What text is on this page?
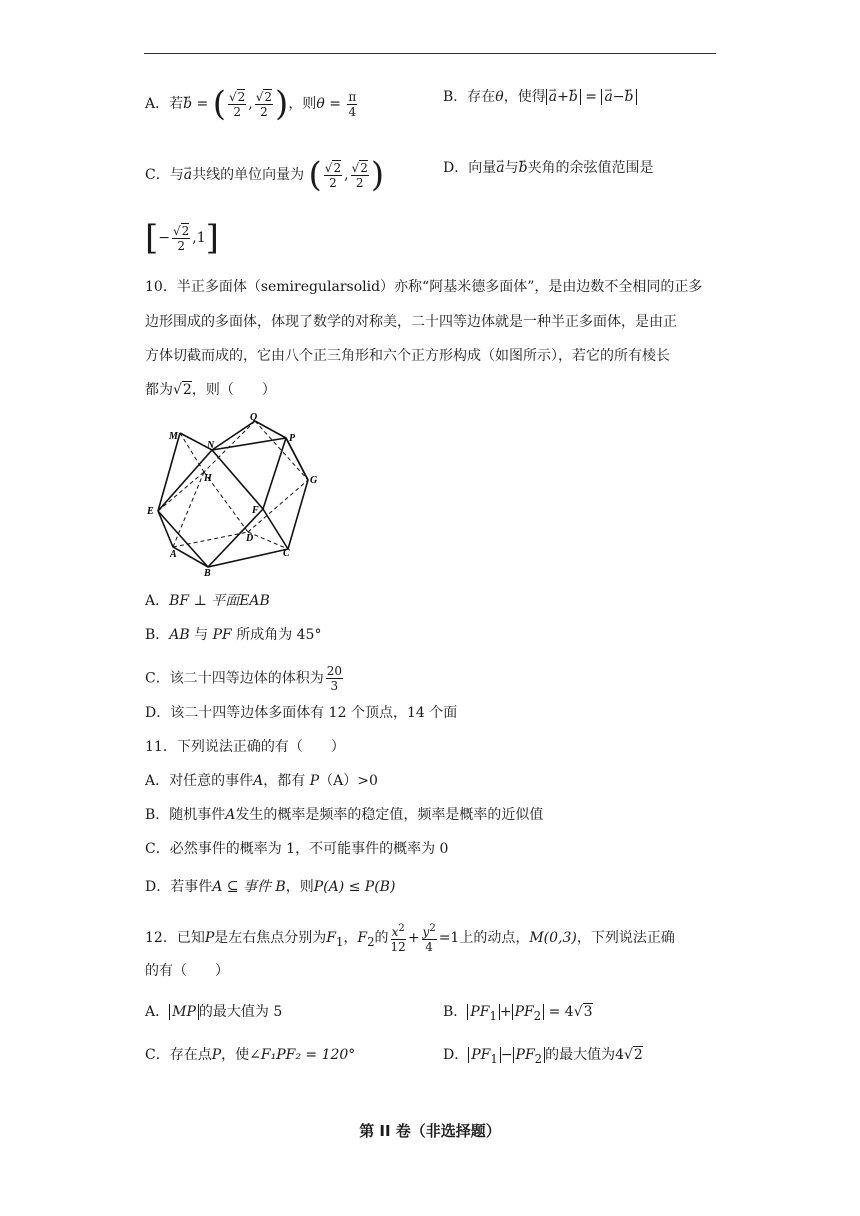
A．若→ b = ( $\frac{√2}{2}$ , $\frac{√2}{2}$ )，则$\theta = \frac{\pi}{4}$	B．存在θ，使得→ a+→ b = → a−→ b
C．与→ a共线的单位向量为 ( $\frac{√2}{2}$ , $\frac{√2}{2}$ )	D．向量→ a与→ b夹角的余弦值范围是
[− $\frac{√2}{2} ,1$]
10．半正多面体（semiregularsolid）亦称“阿基米德多面体”，是由边数不全相同的正多
边形围成的多面体，体现了数学的对称美，二十四等边体就是一种半正多面体，是由正
方体切截而成的，它由八个正三角形和六个正方形构成（如图所示），若它的所有棱长
都为√2，则（　　）
Q
M
N
P
H	G
E	F
D
A	C
B
A．BF ⊥ 平面EAB
B．AB 与 PF 所成角为 45°
C．该二十四等边体的体积为 $\frac{20}{3}$
D．该二十四等边体多面体有 12 个顶点，14 个面
11．下列说法正确的有（　　）
A．对任意的事件A，都有 P（A）>0
B．随机事件A发生的概率是频率的稳定值，频率是概率的近似值
C．必然事件的概率为 1，不可能事件的概率为 0
D．若事件A ⊆ 事件 B，则P(A) ≤ P(B)
12．已知P是左右焦点分别为$F_1$，$F_2$的 $\frac{x^2}{12} + \frac{y^2}{4} =1$上的动点，M(0,3)，下列说法正确
的有（　　）
A． MP 的最大值为 5	B． $PF_1 + PF_2 = 4√3$
C．存在点P，使∠F₁PF₂ = 120°	D． $PF_1 - PF_2$ 的最大值为4√2
第 II 卷（非选择题）
